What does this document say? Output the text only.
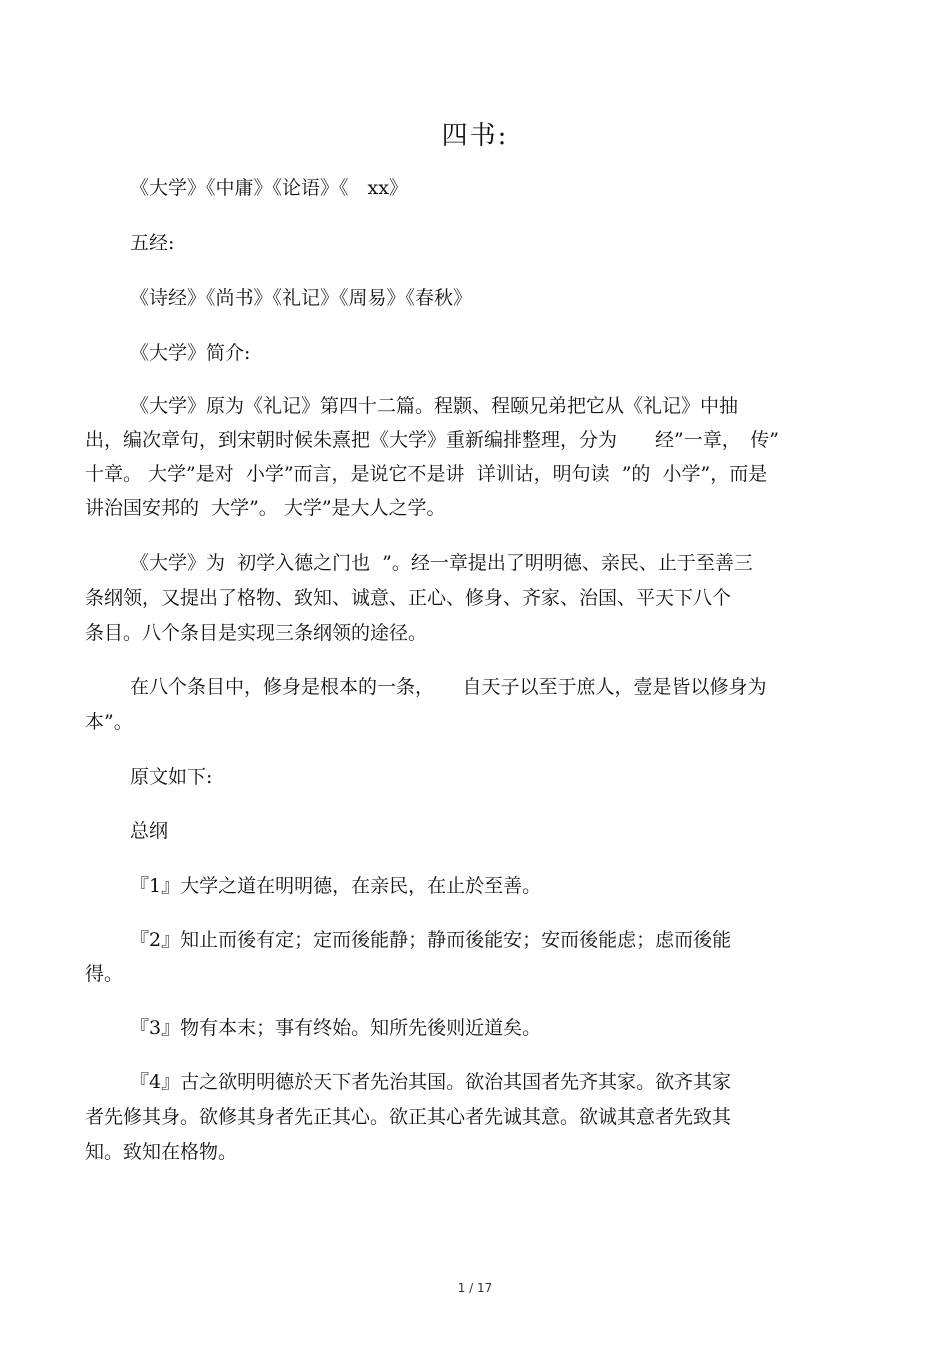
四书:
《大学》《中庸》《论语》《　xx》
五经:
《诗经》《尚书》《礼记》《周易》《春秋》
《大学》简介:
《大学》原为《礼记》第四十二篇。程颢、程颐兄弟把它从《礼记》中抽
出，编次章句，到宋朝时候朱熹把《大学》重新编排整理，分为　　经”一章，　传”
十章。 大学”是对  小学”而言，是说它不是讲  详训诂，明句读  ”的  小学”，而是
讲治国安邦的  大学”。 大学”是大人之学。
《大学》为  初学入德之门也  ”。经一章提出了明明德、亲民、止于至善三
条纲领，又提出了格物、致知、诚意、正心、修身、齐家、治国、平天下八个
条目。八个条目是实现三条纲领的途径。
在八个条目中，修身是根本的一条，　　自天子以至于庶人，壹是皆以修身为
本”。
原文如下:
总纲
『1』大学之道在明明德，在亲民，在止於至善。
『2』知止而後有定；定而後能静；静而後能安；安而後能虑；虑而後能
得。
『3』物有本末；事有终始。知所先後则近道矣。
『4』古之欲明明德於天下者先治其国。欲治其国者先齐其家。欲齐其家
者先修其身。欲修其身者先正其心。欲正其心者先诚其意。欲诚其意者先致其
知。致知在格物。
1 / 17
